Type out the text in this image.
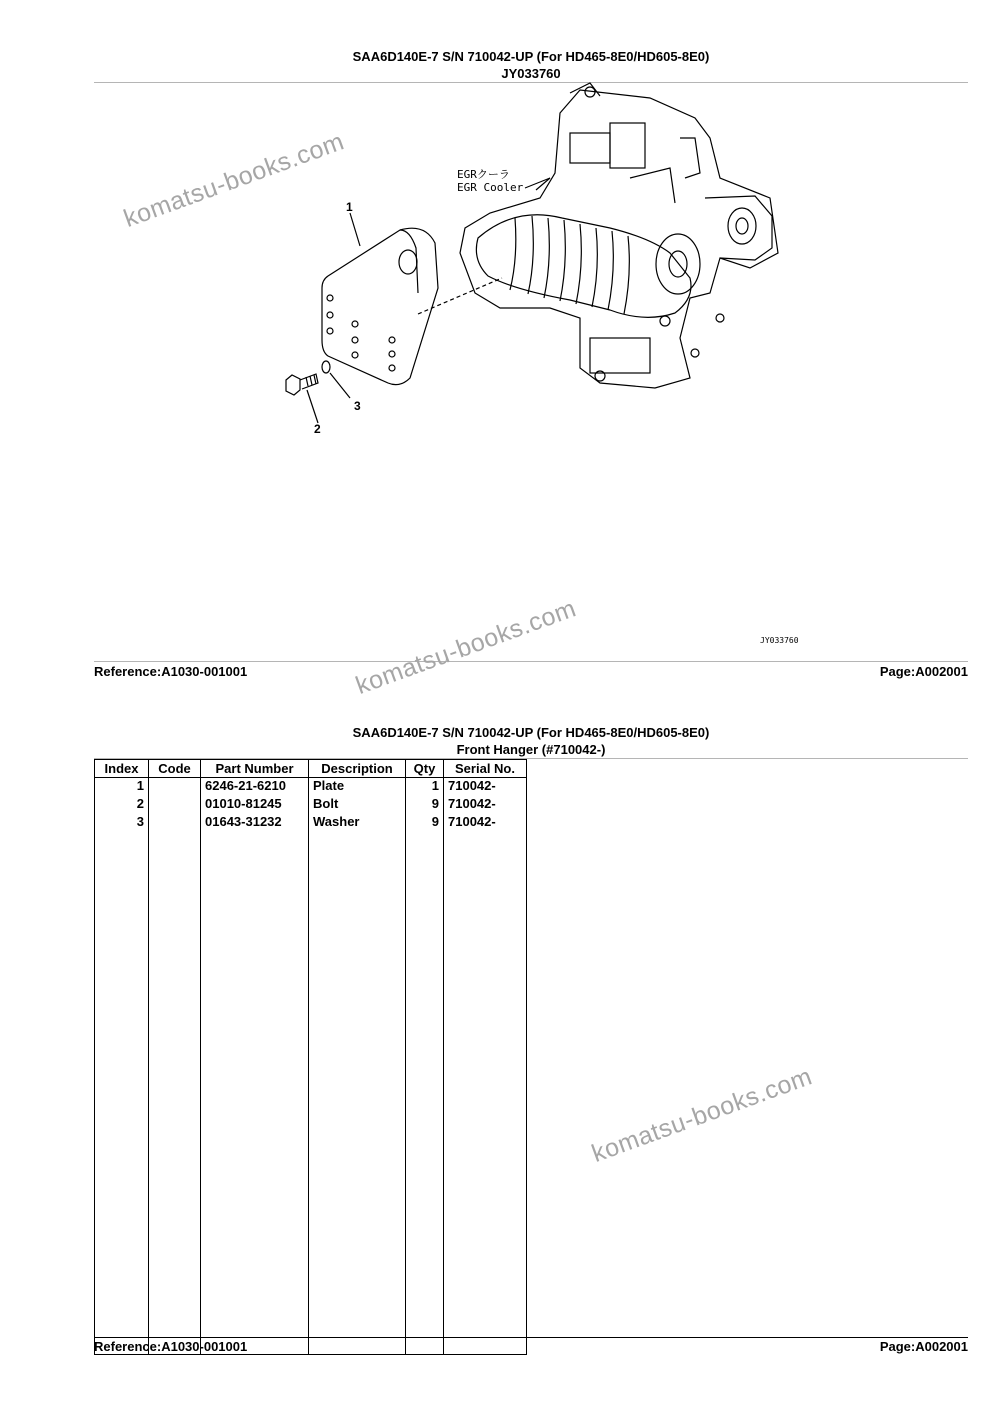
SAA6D140E-7 S/N 710042-UP (For HD465-8E0/HD605-8E0)
JY033760
1
2
3
EGRクーラ
EGR Cooler
JY033760
Reference:A1030-001001	Page:A002001
SAA6D140E-7 S/N 710042-UP (For HD465-8E0/HD605-8E0)
Front Hanger (#710042-)
Index	Code	Part Number	Description	Qty	Serial No.
1		6246-21-6210	Plate	1	710042-
2		01010-81245	Bolt	9	710042-
3		01643-31232	Washer	9	710042-

Reference:A1030-001001	Page:A002001
komatsu-books.com
komatsu-books.com
komatsu-books.com
